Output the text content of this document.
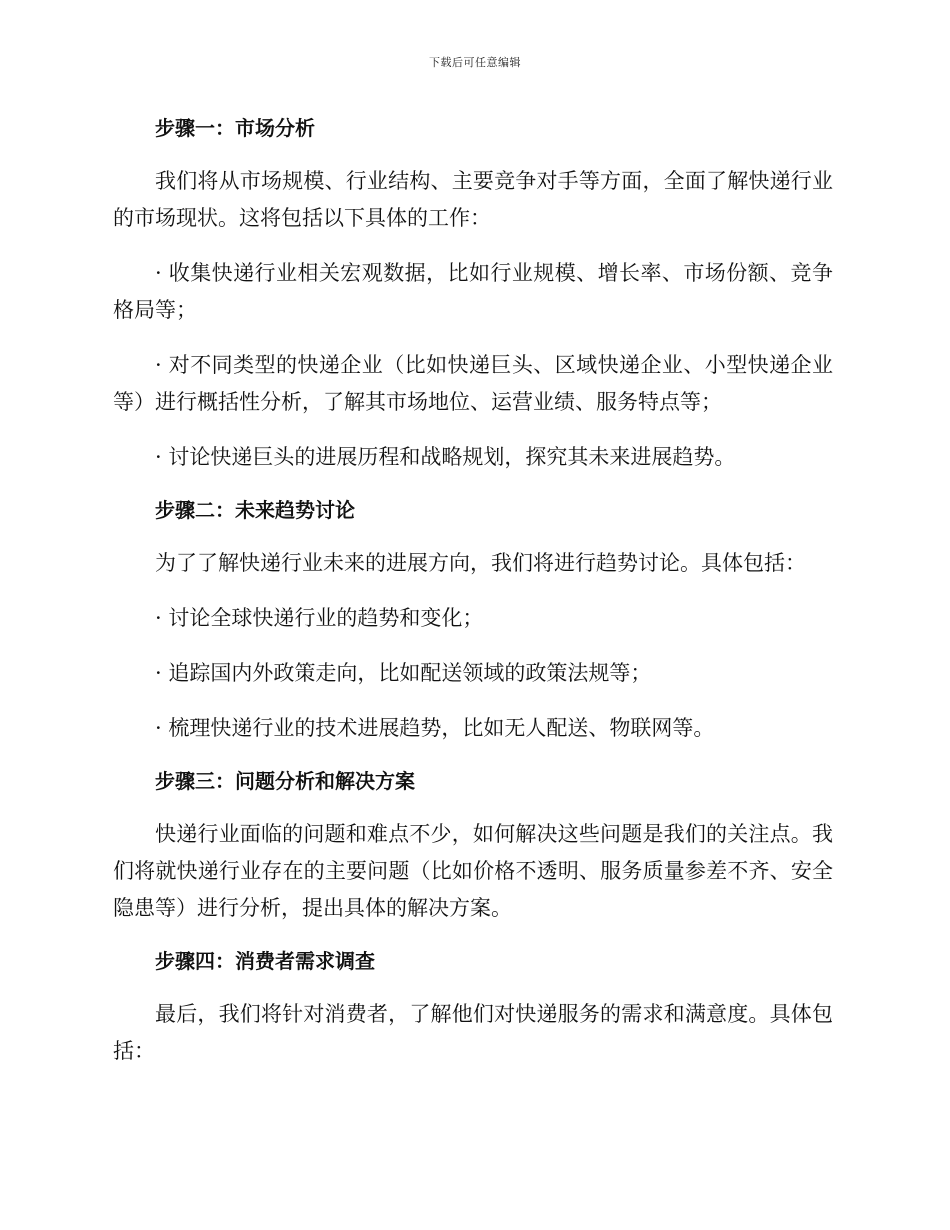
下载后可任意编辑
步骤一：市场分析
我们将从市场规模、行业结构、主要竞争对手等方面，全面了解快递行业的市场现状。这将包括以下具体的工作：
· 收集快递行业相关宏观数据，比如行业规模、增长率、市场份额、竞争格局等；
· 对不同类型的快递企业（比如快递巨头、区域快递企业、小型快递企业等）进行概括性分析，了解其市场地位、运营业绩、服务特点等；
· 讨论快递巨头的进展历程和战略规划，探究其未来进展趋势。
步骤二：未来趋势讨论
为了了解快递行业未来的进展方向，我们将进行趋势讨论。具体包括：
· 讨论全球快递行业的趋势和变化；
· 追踪国内外政策走向，比如配送领域的政策法规等；
· 梳理快递行业的技术进展趋势，比如无人配送、物联网等。
步骤三：问题分析和解决方案
快递行业面临的问题和难点不少，如何解决这些问题是我们的关注点。我们将就快递行业存在的主要问题（比如价格不透明、服务质量参差不齐、安全隐患等）进行分析，提出具体的解决方案。
步骤四：消费者需求调查
最后，我们将针对消费者，了解他们对快递服务的需求和满意度。具体包括：
